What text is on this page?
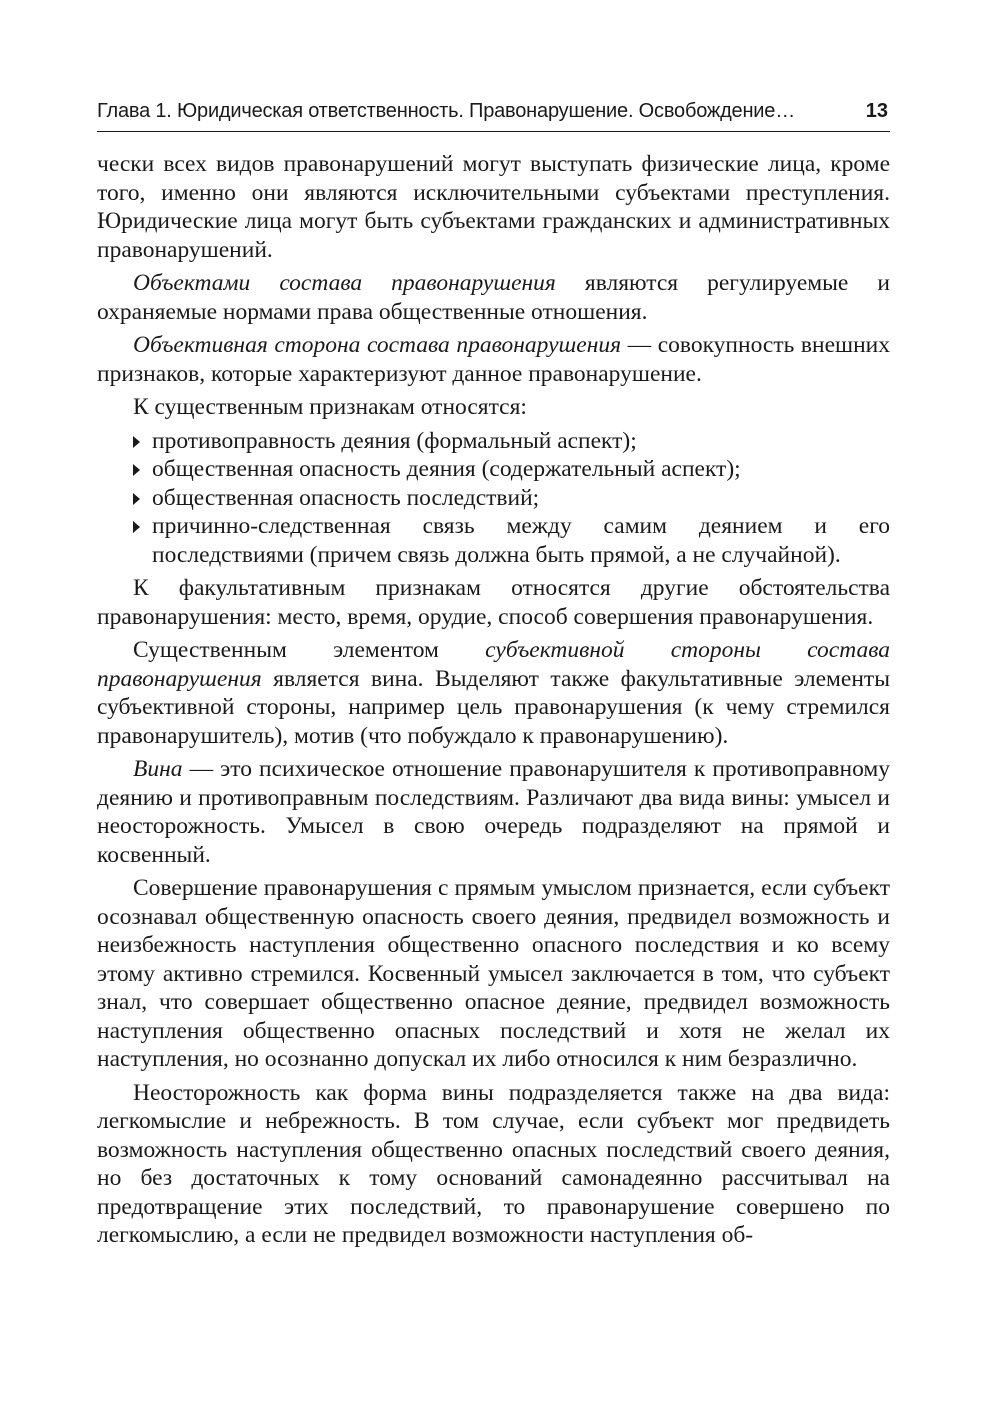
Глава 1. Юридическая ответственность. Правонарушение. Освобождение…	13

чески всех видов правонарушений могут выступать физические лица, кроме того, именно они являются исключительными субъектами преступления. Юридические лица могут быть субъектами гражданских и административных правонарушений.

Объектами состава правонарушения являются регулируемые и охраняемые нормами права общественные отношения.

Объективная сторона состава правонарушения — совокупность внешних признаков, которые характеризуют данное правонарушение.

К существенным признакам относятся:

противоправность деяния (формальный аспект);
общественная опасность деяния (содержательный аспект);
общественная опасность последствий;
причинно-следственная связь между самим деянием и его последствиями (причем связь должна быть прямой, а не случайной).

К факультативным признакам относятся другие обстоятельства правонарушения: место, время, орудие, способ совершения правонарушения.

Существенным элементом субъективной стороны состава правонарушения является вина. Выделяют также факультативные элементы субъективной стороны, например цель правонарушения (к чему стремился правонарушитель), мотив (что побуждало к правонарушению).

Вина — это психическое отношение правонарушителя к противоправному деянию и противоправным последствиям. Различают два вида вины: умысел и неосторожность. Умысел в свою очередь подразделяют на прямой и косвенный.

Совершение правонарушения с прямым умыслом признается, если субъект осознавал общественную опасность своего деяния, предвидел возможность и неизбежность наступления общественно опасного последствия и ко всему этому активно стремился. Косвенный умысел заключается в том, что субъект знал, что совершает общественно опасное деяние, предвидел возможность наступления общественно опасных последствий и хотя не желал их наступления, но осознанно допускал их либо относился к ним безразлично.

Неосторожность как форма вины подразделяется также на два вида: легкомыслие и небрежность. В том случае, если субъект мог предвидеть возможность наступления общественно опасных последствий своего деяния, но без достаточных к тому оснований самонадеянно рассчитывал на предотвращение этих последствий, то правонарушение совершено по легкомыслию, а если не предвидел возможности наступления об-
